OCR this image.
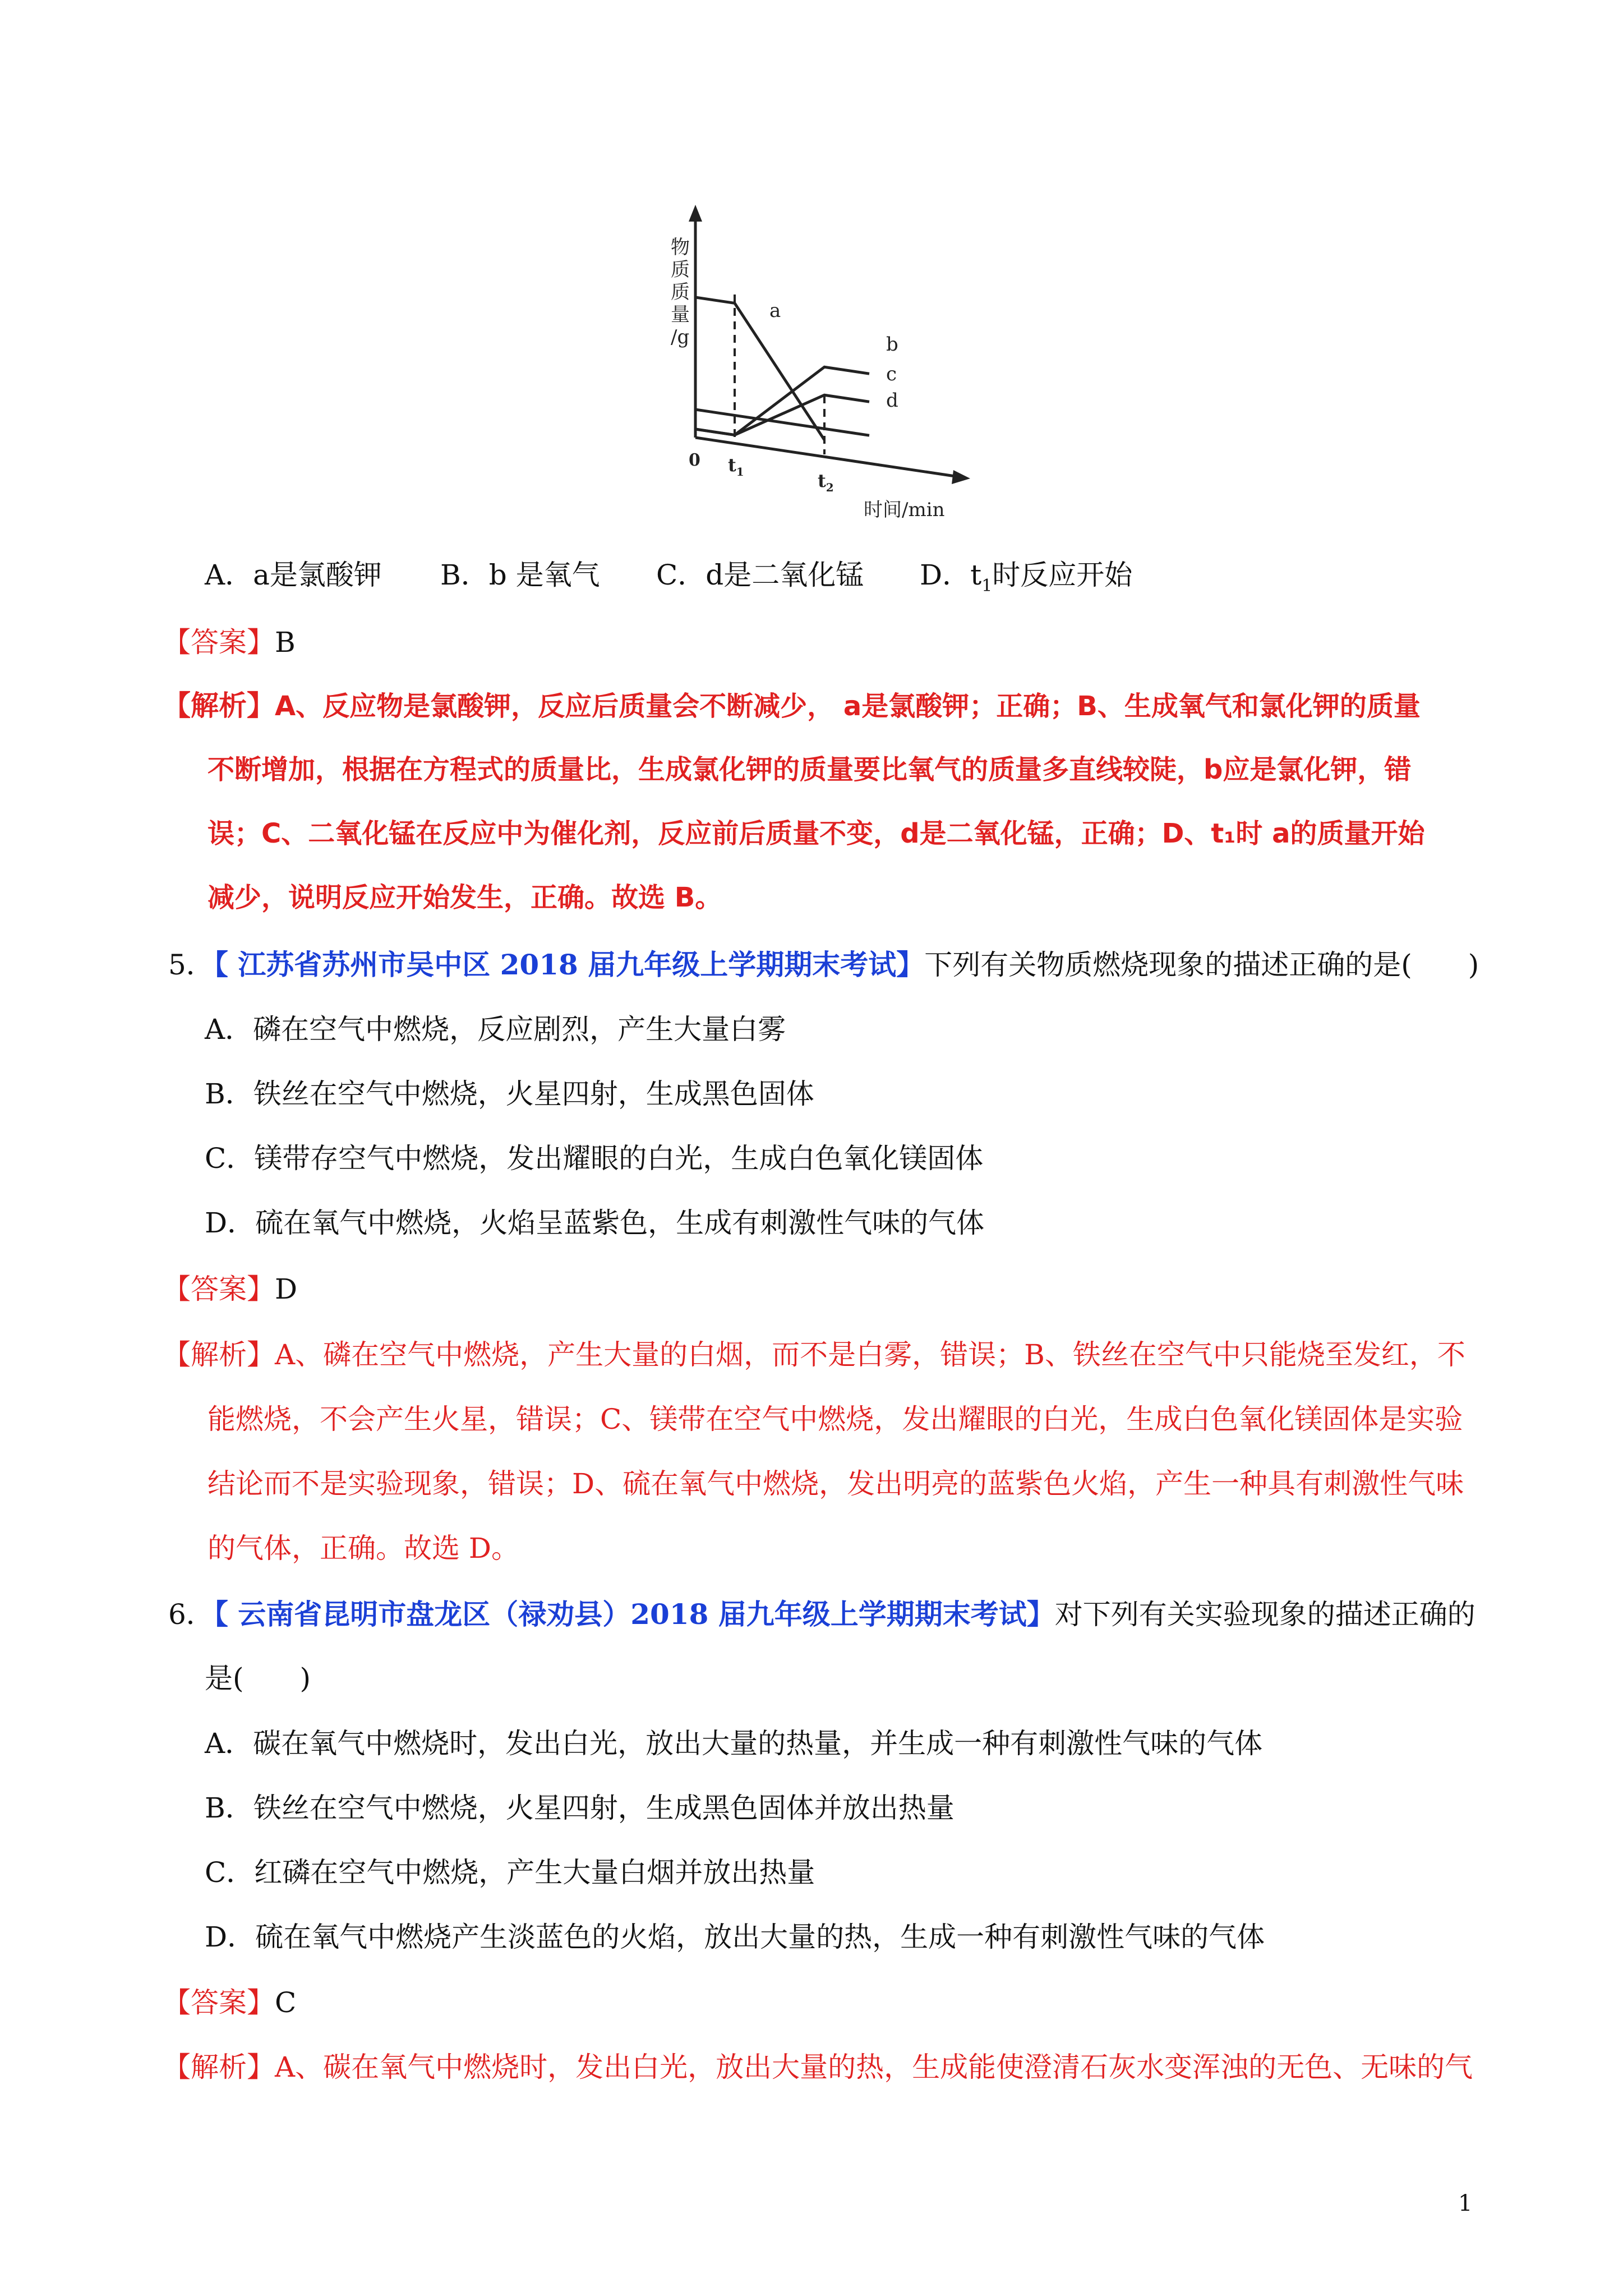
物
质
质
量
/g
a
b
c
d
0 $t_1$	$t_2$
时间/min
A． a是氯酸钾 B． b 是氧气 C． d是二氧化锰 D． t 1 时反应开始
【答案】B
【解析】A、反应物是氯酸钾，反应后质量会不断减少， a是氯酸钾；正确；B、生成氧气和氯化钾的质量
不断增加，根据在方程式的质量比，生成氯化钾的质量要比氧气的质量多直线较陡，b应是氯化钾，错
误；C、二氧化锰在反应中为催化剂，反应前后质量不变，d是二氧化锰，正确；D、t₁时 a的质量开始
减少，说明反应开始发生，正确。故选 B。
5．【 江苏省苏州市吴中区 2018 届九年级上学期期末考试】下列有关物质燃烧现象的描述正确的是(　　)
A．磷在空气中燃烧，反应剧烈，产生大量白雾
B．铁丝在空气中燃烧，火星四射，生成黑色固体
C．镁带存空气中燃烧，发出耀眼的白光，生成白色氧化镁固体
D．硫在氧气中燃烧，火焰呈蓝紫色，生成有刺激性气味的气体
【答案】D
【解析】A、磷在空气中燃烧，产生大量的白烟，而不是白雾，错误；B、铁丝在空气中只能烧至发红，不
能燃烧，不会产生火星，错误；C、镁带在空气中燃烧，发出耀眼的白光，生成白色氧化镁固体是实验
结论而不是实验现象，错误；D、硫在氧气中燃烧，发出明亮的蓝紫色火焰，产生一种具有刺激性气味
的气体，正确。故选 D。
6．【 云南省昆明市盘龙区（禄劝县）2018 届九年级上学期期末考试】对下列有关实验现象的描述正确的
是(　　)
A．碳在氧气中燃烧时，发出白光，放出大量的热量，并生成一种有刺激性气味的气体
B．铁丝在空气中燃烧，火星四射，生成黑色固体并放出热量
C．红磷在空气中燃烧，产生大量白烟并放出热量
D．硫在氧气中燃烧产生淡蓝色的火焰，放出大量的热，生成一种有刺激性气味的气体
【答案】C
【解析】A、碳在氧气中燃烧时，发出白光，放出大量的热，生成能使澄清石灰水变浑浊的无色、无味的气
1
